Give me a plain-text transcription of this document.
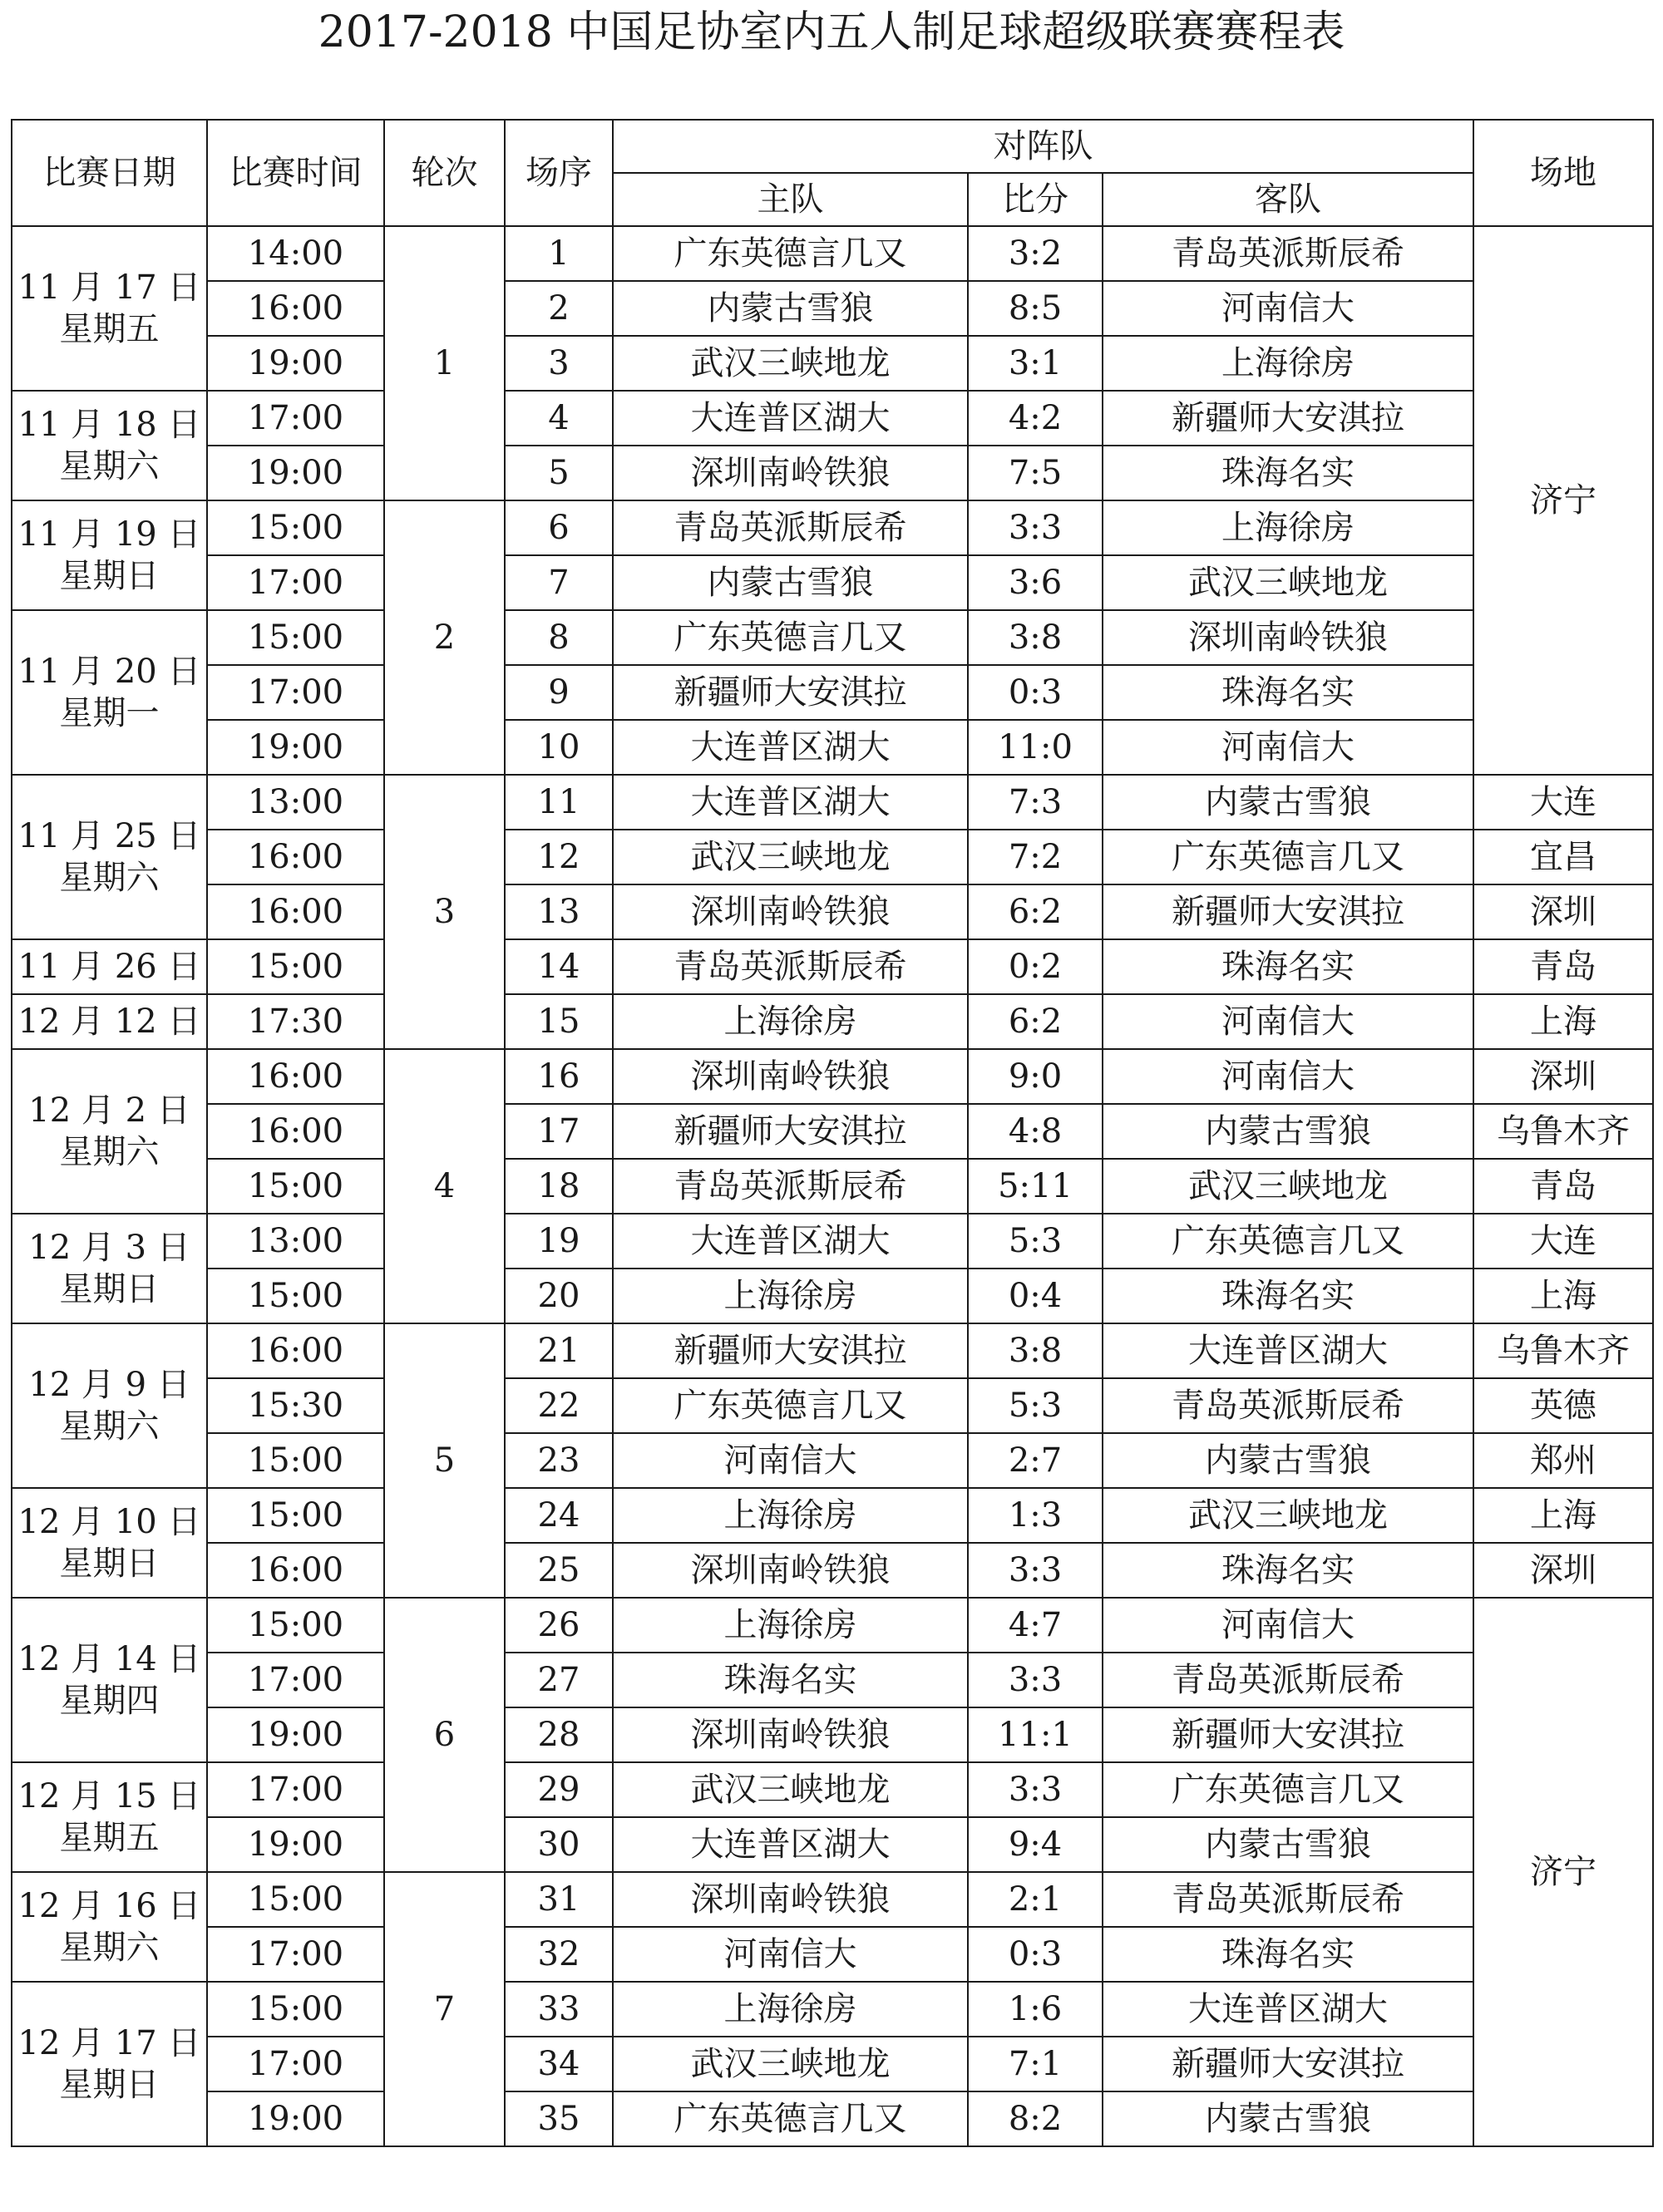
2017-2018 中国足协室内五人制足球超级联赛赛程表
比赛日期	比赛时间	轮次	场序	对阵队			场地
				主队	比分	客队	
11 月 17 日
星期五	14:00	1	1	广东英德言几又	3:2	青岛英派斯辰希	济宁
	16:00		2	内蒙古雪狼	8:5	河南信大	
	19:00		3	武汉三峡地龙	3:1	上海徐房	
11 月 18 日
星期六	17:00		4	大连普区湖大	4:2	新疆师大安淇拉	
	19:00		5	深圳南岭铁狼	7:5	珠海名实	
11 月 19 日
星期日	15:00	2	6	青岛英派斯辰希	3:3	上海徐房	
	17:00		7	内蒙古雪狼	3:6	武汉三峡地龙	
11 月 20 日
星期一	15:00		8	广东英德言几又	3:8	深圳南岭铁狼	
	17:00		9	新疆师大安淇拉	0:3	珠海名实	
	19:00		10	大连普区湖大	11:0	河南信大	
11 月 25 日
星期六	13:00	3	11	大连普区湖大	7:3	内蒙古雪狼	大连
	16:00		12	武汉三峡地龙	7:2	广东英德言几又	宜昌
	16:00		13	深圳南岭铁狼	6:2	新疆师大安淇拉	深圳
11 月 26 日	15:00		14	青岛英派斯辰希	0:2	珠海名实	青岛
12 月 12 日	17:30		15	上海徐房	6:2	河南信大	上海
12 月 2 日
星期六	16:00	4	16	深圳南岭铁狼	9:0	河南信大	深圳
	16:00		17	新疆师大安淇拉	4:8	内蒙古雪狼	乌鲁木齐
	15:00		18	青岛英派斯辰希	5:11	武汉三峡地龙	青岛
12 月 3 日
星期日	13:00		19	大连普区湖大	5:3	广东英德言几又	大连
	15:00		20	上海徐房	0:4	珠海名实	上海
12 月 9 日
星期六	16:00	5	21	新疆师大安淇拉	3:8	大连普区湖大	乌鲁木齐
	15:30		22	广东英德言几又	5:3	青岛英派斯辰希	英德
	15:00		23	河南信大	2:7	内蒙古雪狼	郑州
12 月 10 日
星期日	15:00		24	上海徐房	1:3	武汉三峡地龙	上海
	16:00		25	深圳南岭铁狼	3:3	珠海名实	深圳
12 月 14 日
星期四	15:00	6	26	上海徐房	4:7	河南信大	济宁
	17:00		27	珠海名实	3:3	青岛英派斯辰希	
	19:00		28	深圳南岭铁狼	11:1	新疆师大安淇拉	
12 月 15 日
星期五	17:00		29	武汉三峡地龙	3:3	广东英德言几又	
	19:00		30	大连普区湖大	9:4	内蒙古雪狼	
12 月 16 日
星期六	15:00	7	31	深圳南岭铁狼	2:1	青岛英派斯辰希	
	17:00		32	河南信大	0:3	珠海名实	
12 月 17 日
星期日	15:00		33	上海徐房	1:6	大连普区湖大	
	17:00		34	武汉三峡地龙	7:1	新疆师大安淇拉	
	19:00		35	广东英德言几又	8:2	内蒙古雪狼	
